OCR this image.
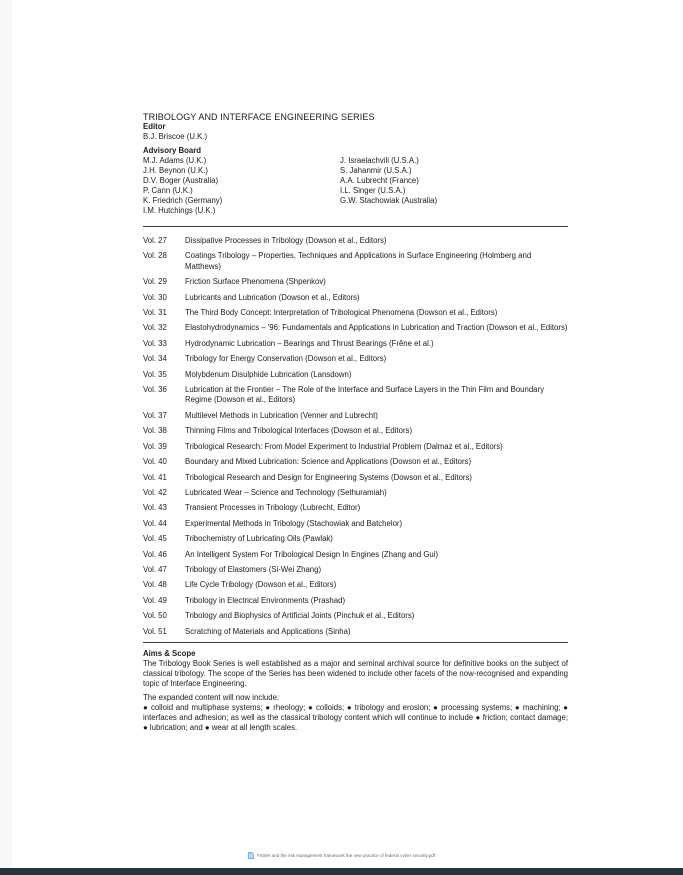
TRIBOLOGY AND INTERFACE ENGINEERING SERIES
Editor
B.J. Briscoe (U.K.)
Advisory Board
M.J. Adams (U.K.)	J. Israelachvili (U.S.A.)
J.H. Beynon (U.K.)	S. Jahanmir (U.S.A.)
D.V. Boger (Australia)	A.A. Lubrecht (France)
P. Cann (U.K.)	I.L. Singer (U.S.A.)
K. Friedrich (Germany)	G.W. Stachowiak (Australia)
I.M. Hutchings (U.K.)
Vol. 27	Dissipative Processes in Tribology (Dowson et al., Editors)
Vol. 28	Coatings Tribology – Properties, Techniques and Applications in Surface Engineering (Holmberg and Matthews)
Vol. 29	Friction Surface Phenomena (Shpenkov)
Vol. 30	Lubricants and Lubrication (Dowson et al., Editors)
Vol. 31	The Third Body Concept: Interpretation of Tribological Phenomena (Dowson et al., Editors)
Vol. 32	Elastohydrodynamics – '96: Fundamentals and Applications in Lubrication and Traction (Dowson et al., Editors)
Vol. 33	Hydrodynamic Lubrication – Bearings and Thrust Bearings (Frêne et al.)
Vol. 34	Tribology for Energy Conservation (Dowson et al., Editors)
Vol. 35	Molybdenum Disulphide Lubrication (Lansdown)
Vol. 36	Lubrication at the Frontier – The Role of the Interface and Surface Layers in the Thin Film and Boundary Regime (Dowson et al., Editors)
Vol. 37	Multilevel Methods in Lubrication (Venner and Lubrecht)
Vol. 38	Thinning Films and Tribological Interfaces (Dowson et al., Editors)
Vol. 39	Tribological Research: From Model Experiment to Industrial Problem (Dalmaz et al., Editors)
Vol. 40	Boundary and Mixed Lubrication: Science and Applications (Dowson et al., Editors)
Vol. 41	Tribological Research and Design for Engineering Systems (Dowson et al., Editors)
Vol. 42	Lubricated Wear – Science and Technology (Sethuramiah)
Vol. 43	Transient Processes in Tribology (Lubrecht, Editor)
Vol. 44	Experimental Methods in Tribology (Stachowiak and Batchelor)
Vol. 45	Tribochemistry of Lubricating Oils (Pawlak)
Vol. 46	An Intelligent System For Tribological Design In Engines (Zhang and Gui)
Vol. 47	Tribology of Elastomers (Si-Wei Zhang)
Vol. 48	Life Cycle Tribology (Dowson et al., Editors)
Vol. 49	Tribology in Electrical Environments (Prashad)
Vol. 50	Tribology and Biophysics of Artificial Joints (Pinchuk et al., Editors)
Vol. 51	Scratching of Materials and Applications (Sinha)
Aims & Scope

The Tribology Book Series is well established as a major and seminal archival source for definitive books on the subject of classical tribology. The scope of the Series has been widened to include other facets of the now-recognised and expanding topic of Interface Engineering.

The expanded content will now include:

● colloid and multiphase systems; ● rheology; ● colloids; ● tribology and erosion; ● processing systems; ● machining; ● interfaces and adhesion; as well as the classical tribology content which will continue to include ● friction; contact damage; ● lubrication; and ● wear at all length scales.

FISMA and the risk management framework the new practice of federal cyber security.pdf
